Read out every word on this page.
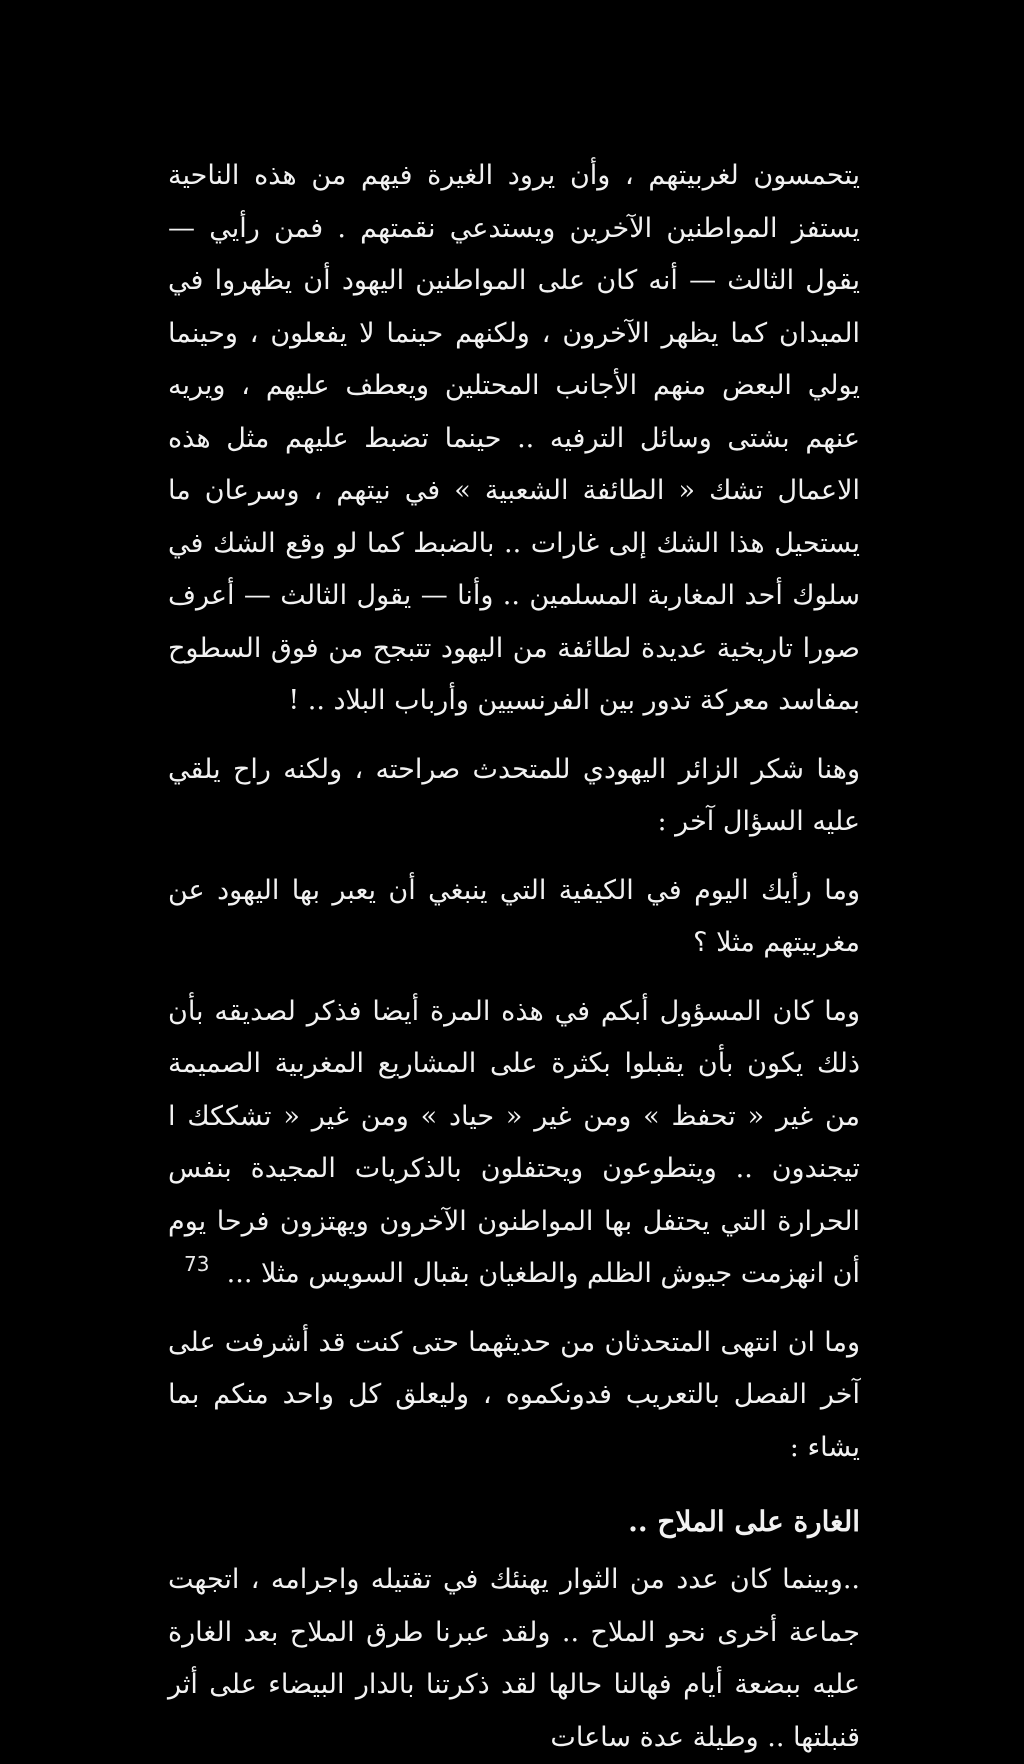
يتحمسون لغربيتهم ، وأن يرود الغيرة فيهم من هذه الناحية يستفز المواطنين الآخرين ويستدعي نقمتهم . فمن رأيي — يقول الثالث — أنه كان على المواطنين اليهود أن يظهروا في الميدان كما يظهر الآخرون ، ولكنهم حينما لا يفعلون ، وحينما يولي البعض منهم الأجانب المحتلين ويعطف عليهم ، ويريه عنهم بشتى وسائل الترفيه .. حينما تضبط عليهم مثل هذه الاعمال تشك « الطائفة الشعبية » في نيتهم ، وسرعان ما يستحيل هذا الشك إلى غارات .. بالضبط كما لو وقع الشك في سلوك أحد المغاربة المسلمين .. وأنا — يقول الثالث — أعرف صورا تاريخية عديدة لطائفة من اليهود تتبجح من فوق السطوح بمفاسد معركة تدور بين الفرنسيين وأرباب البلاد .. !

وهنا شكر الزائر اليهودي للمتحدث صراحته ، ولكنه راح يلقي عليه السؤال آخر :

وما رأيك اليوم في الكيفية التي ينبغي أن يعبر بها اليهود عن مغربيتهم مثلا ؟

وما كان المسؤول أبكم في هذه المرة أيضا فذكر لصديقه بأن ذلك يكون بأن يقبلوا بكثرة على المشاريع المغربية الصميمة من غير « تحفظ » ومن غير « حياد » ومن غير « تشككك ا تيجندون .. ويتطوعون ويحتفلون بالذكريات المجيدة بنفس الحرارة التي يحتفل بها المواطنون الآخرون ويهتزون فرحا يوم أن انهزمت جيوش الظلم والطغيان بقبال السويس مثلا ...

وما ان انتهى المتحدثان من حديثهما حتى كنت قد أشرفت على آخر الفصل بالتعريب فدونكموه ، وليعلق كل واحد منكم بما يشاء :

الغارة على الملاح ..

..وبينما كان عدد من الثوار يهنئك في تقتيله واجرامه ، اتجهت جماعة أخرى نحو الملاح .. ولقد عبرنا طرق الملاح بعد الغارة عليه ببضعة أيام فهالنا حالها لقد ذكرتنا بالدار البيضاء على أثر قنبلتها .. وطيلة عدة ساعات

73
